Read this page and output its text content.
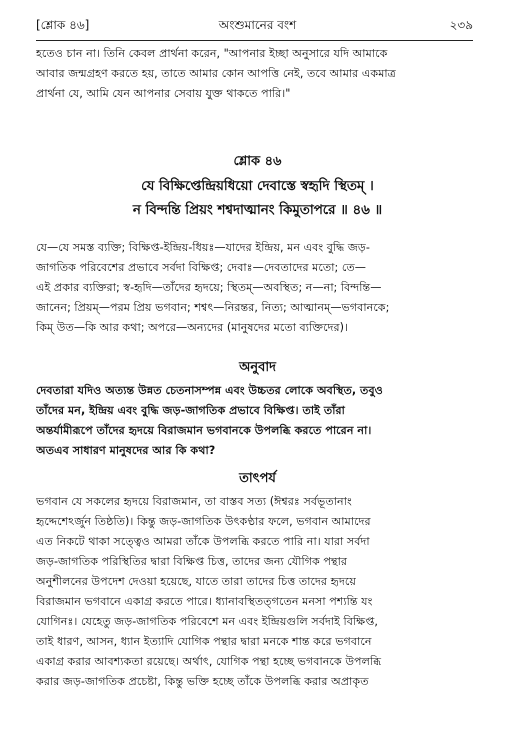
[শ্লোক ৪৬]	অংশুমানের বংশ	২৩৯
হতেও চান না। তিনি কেবল প্রার্থনা করেন, "আপনার ইচ্ছা অনুসারে যদি আমাকে
আবার জন্মগ্রহণ করতে হয়, তাতে আমার কোন আপত্তি নেই, তবে আমার একমাত্র
প্রার্থনা যে, আমি যেন আপনার সেবায় যুক্ত থাকতে পারি।"
শ্লোক ৪৬
যে বিক্ষিপ্তেন্দ্রিয়ধিয়ো দেবাস্তে স্বহৃদি স্থিতম্ ।
ন বিন্দন্তি প্রিয়ং শশ্বদাত্মানং কিমুতাপরে ॥ ৪৬ ॥
যে—যে সমস্ত ব্যক্তি; বিক্ষিপ্ত-ইন্দ্রিয়-ধিয়ঃ—যাদের ইন্দ্রিয়, মন এবং বুদ্ধি জড়-
জাগতিক পরিবেশের প্রভাবে সর্বদা বিক্ষিপ্ত; দেবাঃ—দেবতাদের মতো; তে—
এই প্রকার ব্যক্তিরা; স্ব-হৃদি—তাঁদের হৃদয়ে; স্থিতম্—অবস্থিত; ন—না; বিন্দন্তি—
জানেন; প্রিয়ম্—পরম প্রিয় ভগবান; শশ্বৎ—নিরন্তর, নিত্য; আত্মানম্—ভগবানকে;
কিম্ উত—কি আর কথা; অপরে—অন্যদের (মানুষদের মতো ব্যক্তিদের)।
অনুবাদ
দেবতারা যদিও অত্যন্ত উন্নত চেতনাসম্পন্ন এবং উচ্চতর লোকে অবস্থিত, তবুও
তাঁদের মন, ইন্দ্রিয় এবং বুদ্ধি জড়-জাগতিক প্রভাবে বিক্ষিপ্ত। তাই তাঁরা
অন্তর্যামীরূপে তাঁদের হৃদয়ে বিরাজমান ভগবানকে উপলব্ধি করতে পারেন না।
অতএব সাধারণ মানুষদের আর কি কথা?
তাৎপর্য
ভগবান যে সকলের হৃদয়ে বিরাজমান, তা বাস্তব সত্য (ঈশ্বরঃ সর্বভূতানাং
হৃদ্দেশেঽর্জুন তিষ্ঠতি)। কিন্তু জড়-জাগতিক উৎকণ্ঠার ফলে, ভগবান আমাদের
এত নিকটে থাকা সত্ত্বেও আমরা তাঁকে উপলব্ধি করতে পারি না। যারা সর্বদা
জড়-জাগতিক পরিস্থিতির দ্বারা বিক্ষিপ্ত চিত্ত, তাদের জন্য যৌগিক পন্থার
অনুশীলনের উপদেশ দেওয়া হয়েছে, যাতে তারা তাদের চিত্ত তাদের হৃদয়ে
বিরাজমান ভগবানে একাগ্র করতে পারে। ধ্যানাবস্থিতত্গতেন মনসা পশ্যন্তি যং
যোগিনঃ। যেহেতু জড়-জাগতিক পরিবেশে মন এবং ইন্দ্রিয়গুলি সর্বদাই বিক্ষিপ্ত,
তাই ধারণ, আসন, ধ্যান ইত্যাদি যোগিক পন্থার দ্বারা মনকে শান্ত করে ভগবানে
একাগ্র করার আবশ্যকতা রয়েছে। অর্থাৎ, যোগিক পন্থা হচ্ছে ভগবানকে উপলব্ধি
করার জড়-জাগতিক প্রচেষ্টা, কিন্তু ভক্তি হচ্ছে তাঁকে উপলব্ধি করার অপ্রাকৃত
